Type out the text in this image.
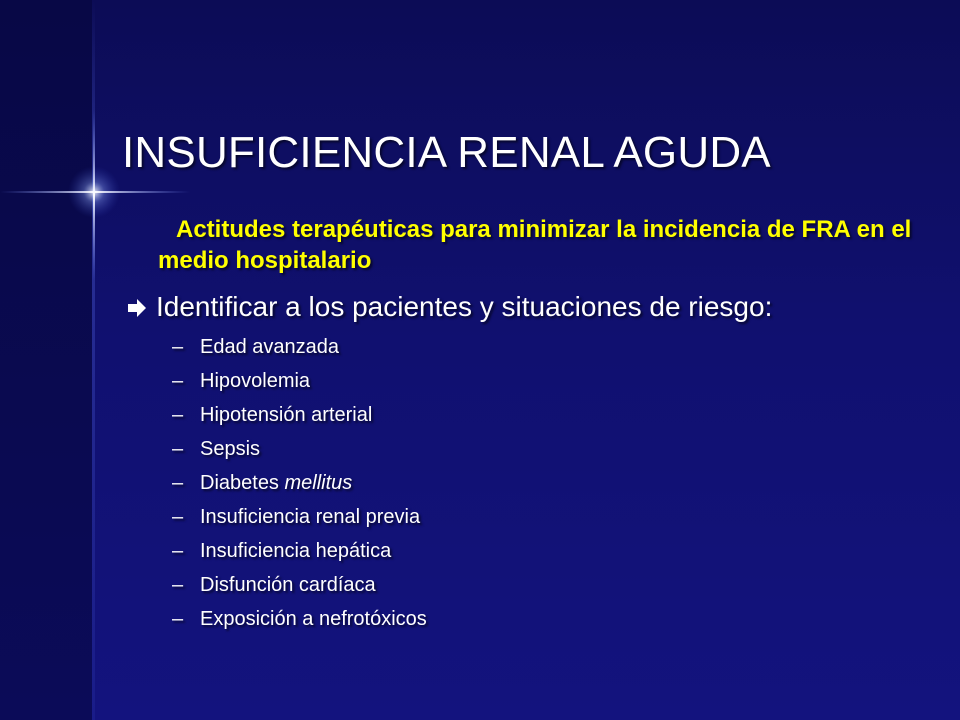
INSUFICIENCIA RENAL AGUDA

Actitudes terapéuticas para minimizar la incidencia de FRA en el medio hospitalario

Identificar a los pacientes y situaciones de riesgo:
– Edad avanzada
– Hipovolemia
– Hipotensión arterial
– Sepsis
– Diabetes mellitus
– Insuficiencia renal previa
– Insuficiencia hepática
– Disfunción cardíaca
– Exposición a nefrotóxicos
